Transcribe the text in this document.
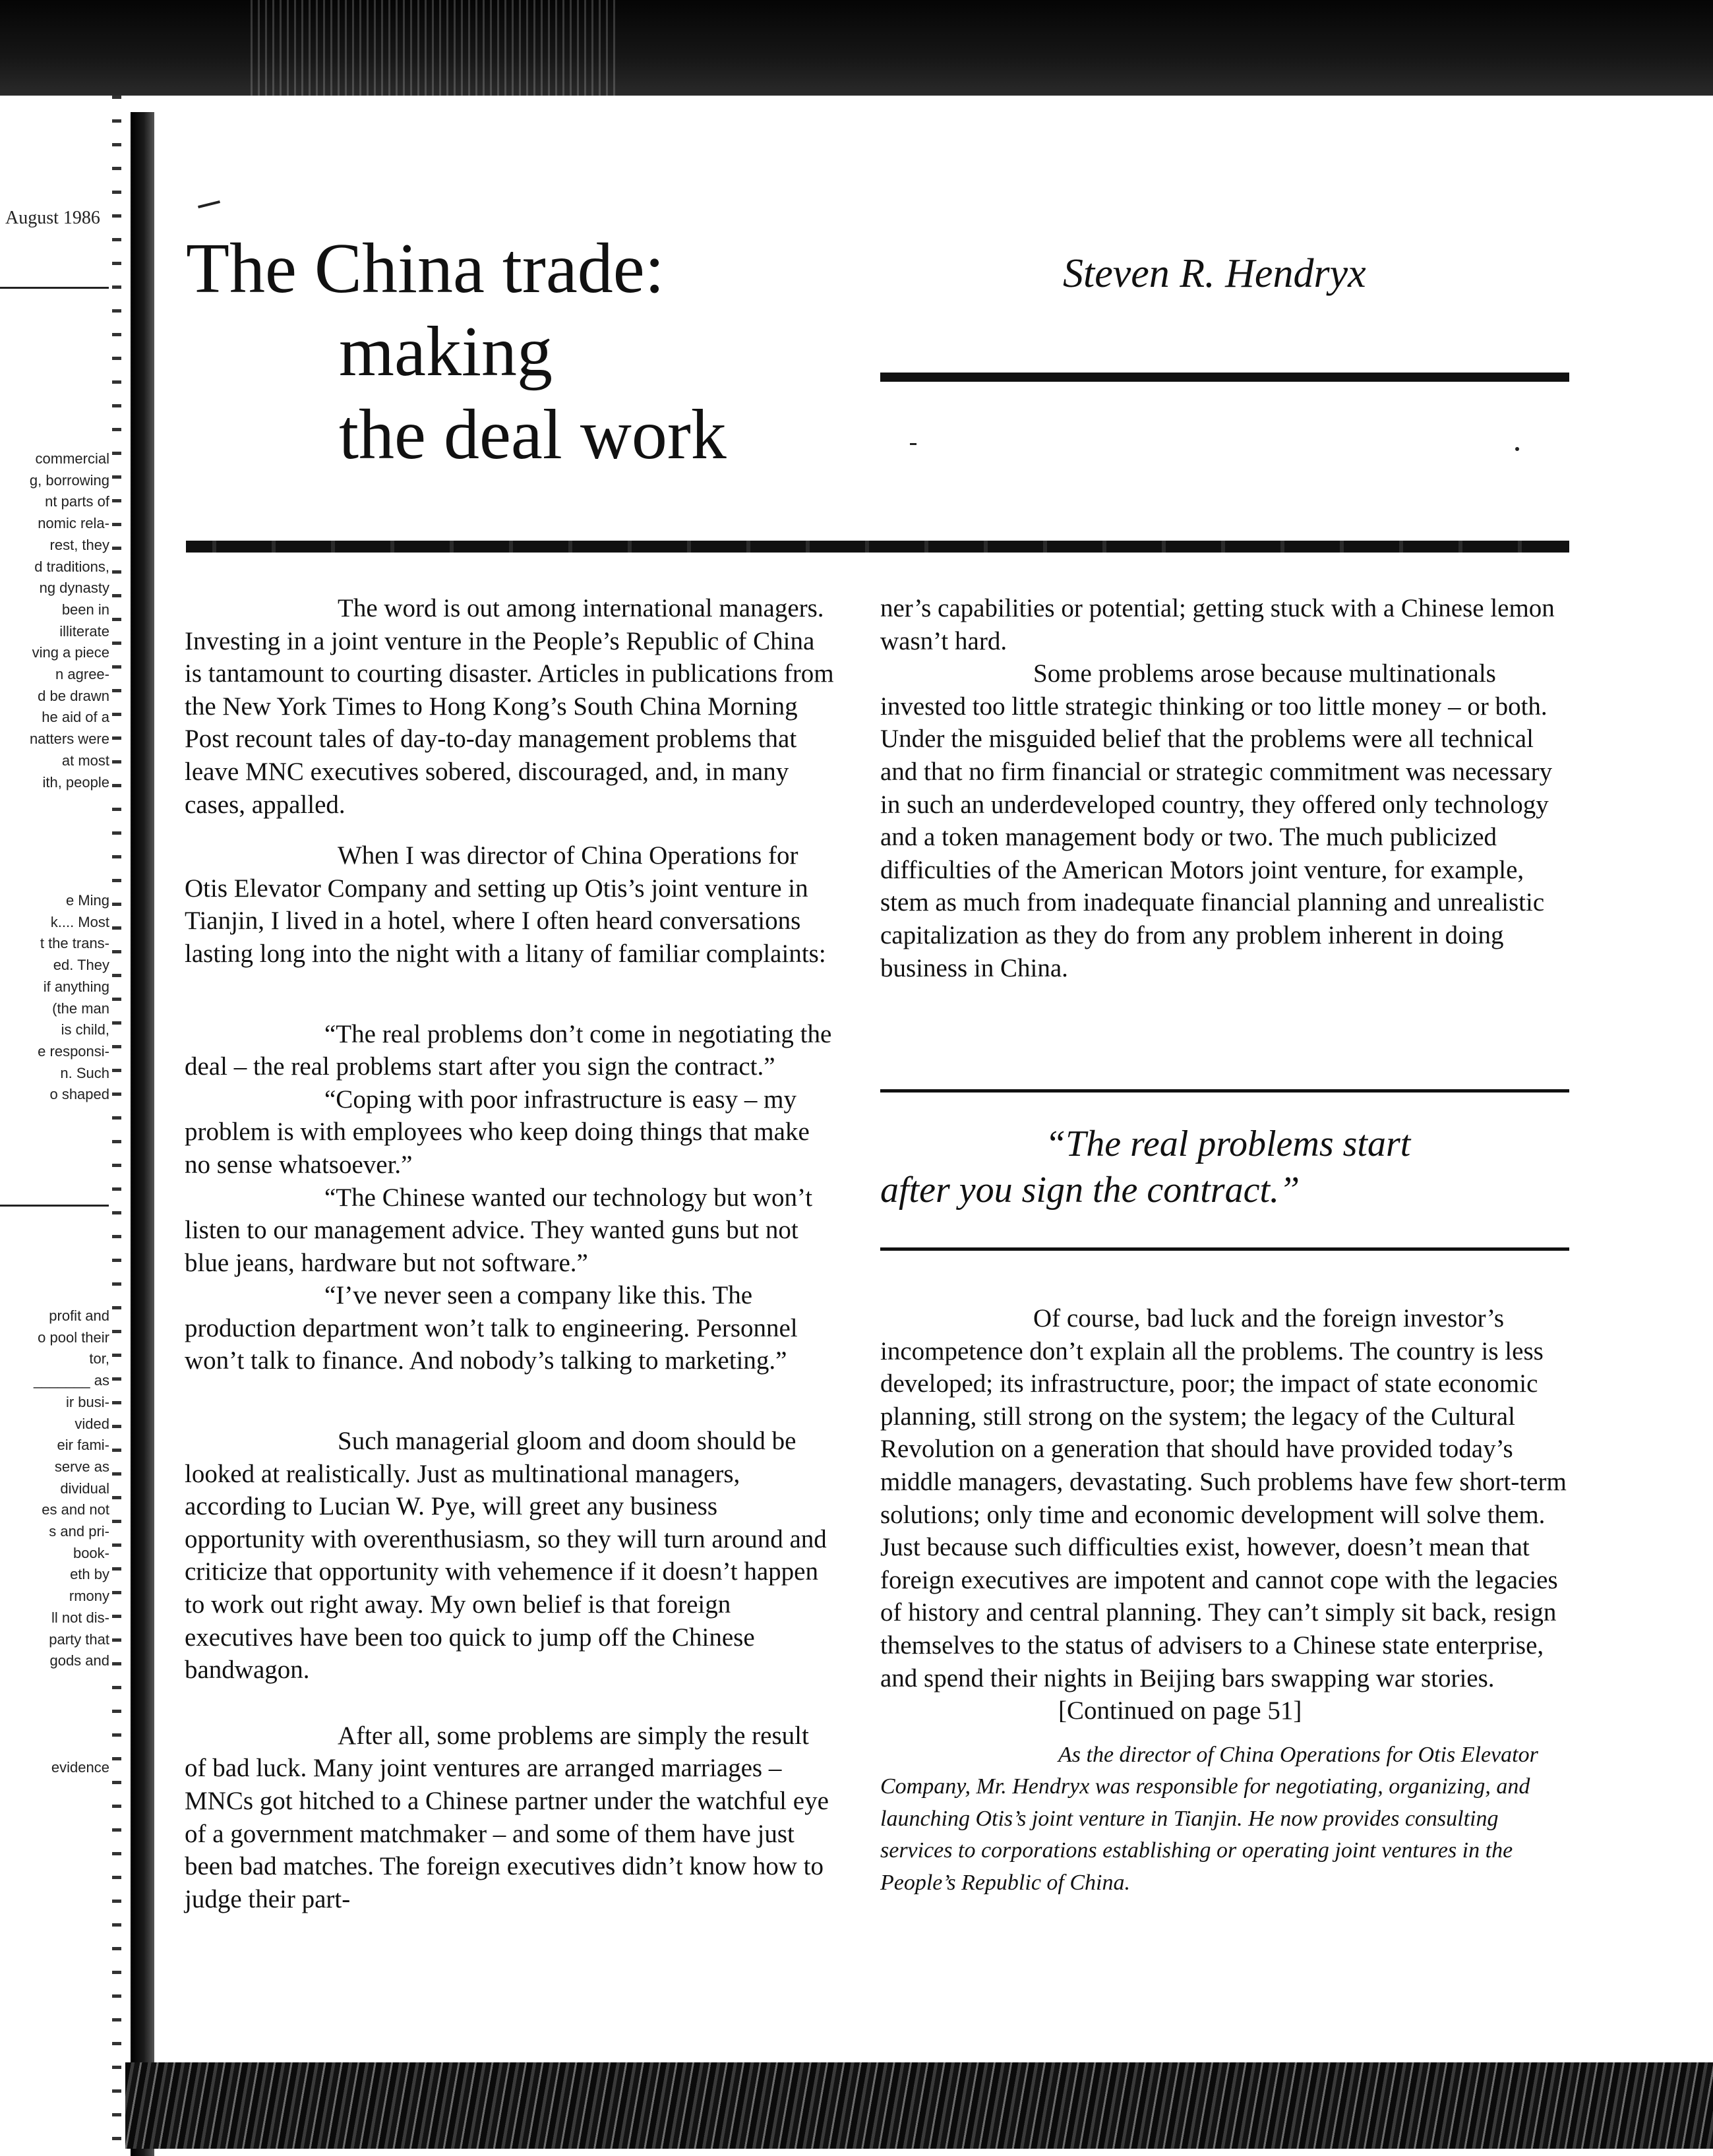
August 1986
commercial
g, borrowing
nt parts of
nomic rela-
rest, they
d traditions,
ng dynasty
been in
illiterate
ving a piece
n agree-
d be drawn
he aid of a
natters were
at most
ith, people
e Ming
k.... Most
t the trans-
ed. They
if anything
(the man
is child,
e responsi-
n. Such
o shaped
profit and
o pool their
tor,
_______ as
ir busi-
vided
eir fami-
serve as
dividual
es and not
s and pri-
book-
eth by
rmony
ll not dis-
party that
gods and
evidence
The China trade:
making
the deal work
Steven R. Hendryx

The word is out among international managers. Investing in a joint venture in the People’s Republic of China is tantamount to courting disaster. Articles in publications from the New York Times to Hong Kong’s South China Morning Post recount tales of day-to-day management problems that leave MNC executives sobered, discouraged, and, in many cases, appalled.

When I was director of China Operations for Otis Elevator Company and setting up Otis’s joint venture in Tianjin, I lived in a hotel, where I often heard conversations lasting long into the night with a litany of familiar complaints:

“The real problems don’t come in negotiating the deal – the real problems start after you sign the contract.”

“Coping with poor infrastructure is easy – my problem is with employees who keep doing things that make no sense whatsoever.”

“The Chinese wanted our technology but won’t listen to our management advice. They wanted guns but not blue jeans, hardware but not software.”

“I’ve never seen a company like this. The production department won’t talk to engineering. Personnel won’t talk to finance. And nobody’s talking to marketing.”

Such managerial gloom and doom should be looked at realistically. Just as multinational managers, according to Lucian W. Pye, will greet any business opportunity with overenthusiasm, so they will turn around and criticize that opportunity with vehemence if it doesn’t happen to work out right away. My own belief is that foreign executives have been too quick to jump off the Chinese bandwagon.

After all, some problems are simply the result of bad luck. Many joint ventures are arranged marriages – MNCs got hitched to a Chinese partner under the watchful eye of a government matchmaker – and some of them have just been bad matches. The foreign executives didn’t know how to judge their part-

ner’s capabilities or potential; getting stuck with a Chinese lemon wasn’t hard.

Some problems arose because multinationals invested too little strategic thinking or too little money – or both. Under the misguided belief that the problems were all technical and that no firm financial or strategic commitment was necessary in such an underdeveloped country, they offered only technology and a token management body or two. The much publicized difficulties of the American Motors joint venture, for example, stem as much from inadequate financial planning and unrealistic capitalization as they do from any problem inherent in doing business in China.

“The real problems start
after you sign the contract.”

Of course, bad luck and the foreign investor’s incompetence don’t explain all the problems. The country is less developed; its infrastructure, poor; the impact of state economic planning, still strong on the system; the legacy of the Cultural Revolution on a generation that should have provided today’s middle managers, devastating. Such problems have few short-term solutions; only time and economic development will solve them. Just because such difficulties exist, however, doesn’t mean that foreign executives are impotent and cannot cope with the legacies of history and central planning. They can’t simply sit back, resign themselves to the status of advisers to a Chinese state enterprise, and spend their nights in Beijing bars swapping war stories.

[Continued on page 51]

As the director of China Operations for Otis Elevator Company, Mr. Hendryx was responsible for negotiating, organizing, and launching Otis’s joint venture in Tianjin. He now provides consulting services to corporations establishing or operating joint ventures in the People’s Republic of China.
